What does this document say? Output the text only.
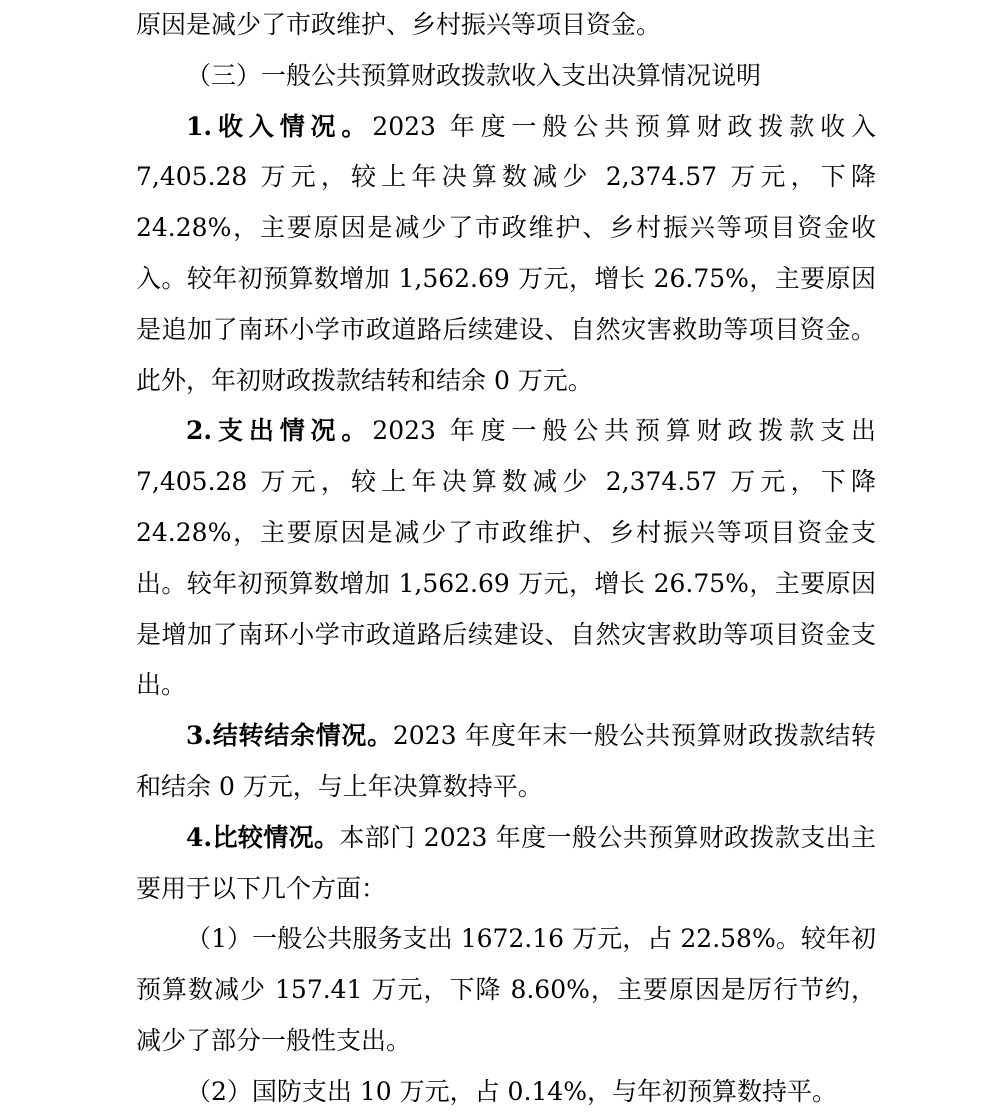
原因是减少了市政维护、乡村振兴等项目资金。

（三）一般公共预算财政拨款收入支出决算情况说明

1.收入情况。2023 年度一般公共预算财政拨款收入 7,405.28 万元，较上年决算数减少 2,374.57 万元，下降 24.28%，主要原因是减少了市政维护、乡村振兴等项目资金收入。较年初预算数增加 1,562.69 万元，增长 26.75%，主要原因是追加了南环小学市政道路后续建设、自然灾害救助等项目资金。此外，年初财政拨款结转和结余 0 万元。

2.支出情况。2023 年度一般公共预算财政拨款支出 7,405.28 万元，较上年决算数减少 2,374.57 万元，下降 24.28%，主要原因是减少了市政维护、乡村振兴等项目资金支出。较年初预算数增加 1,562.69 万元，增长 26.75%，主要原因是增加了南环小学市政道路后续建设、自然灾害救助等项目资金支出。

3.结转结余情况。2023 年度年末一般公共预算财政拨款结转和结余 0 万元，与上年决算数持平。

4.比较情况。本部门 2023 年度一般公共预算财政拨款支出主要用于以下几个方面：

（1）一般公共服务支出 1672.16 万元，占 22.58%。较年初预算数减少 157.41 万元，下降 8.60%，主要原因是厉行节约，减少了部分一般性支出。

（2）国防支出 10 万元，占 0.14%，与年初预算数持平。
